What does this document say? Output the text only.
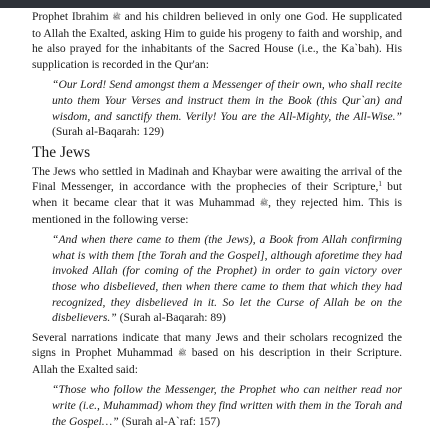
Prophet Ibrahim ﷺ and his children believed in only one God. He supplicated to Allah the Exalted, asking Him to guide his progeny to faith and worship, and he also prayed for the inhabitants of the Sacred House (i.e., the Ka`bah). His supplication is recorded in the Qur'an:

“Our Lord! Send amongst them a Messenger of their own, who shall recite unto them Your Verses and instruct them in the Book (this Qur`an) and wisdom, and sanctify them. Verily! You are the All-Mighty, the All-Wise.” (Surah al-Baqarah: 129)

The Jews

The Jews who settled in Madinah and Khaybar were awaiting the arrival of the Final Messenger, in accordance with the prophecies of their Scripture,$^1$ but when it became clear that it was Muhammad ﷺ, they rejected him. This is mentioned in the following verse:

“And when there came to them (the Jews), a Book from Allah confirming what is with them [the Torah and the Gospel], although aforetime they had invoked Allah (for coming of the Prophet) in order to gain victory over those who disbelieved, then when there came to them that which they had recognized, they disbelieved in it. So let the Curse of Allah be on the disbelievers.” (Surah al-Baqarah: 89)

Several narrations indicate that many Jews and their scholars recognized the signs in Prophet Muhammad ﷺ based on his description in their Scripture. Allah the Exalted said:

“Those who follow the Messenger, the Prophet who can neither read nor write (i.e., Muhammad) whom they find written with them in the Torah and the Gospel…” (Surah al-A`raf: 157)
